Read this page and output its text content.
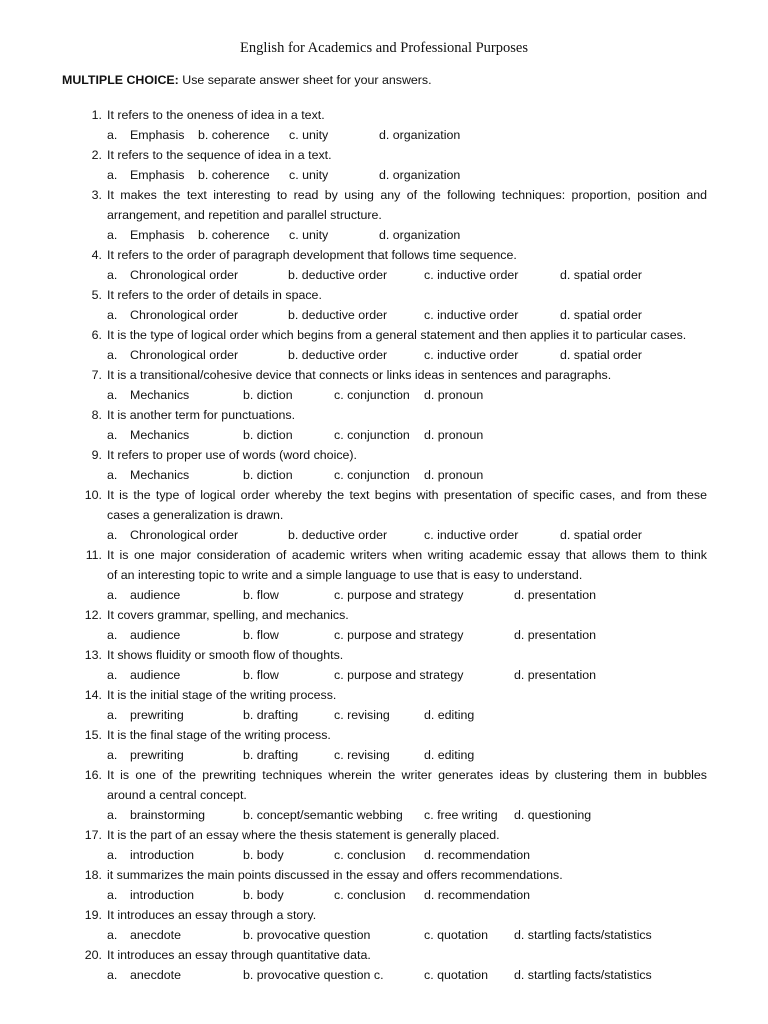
English for Academics and Professional Purposes
MULTIPLE CHOICE: Use separate answer sheet for your answers.
1. It refers to the oneness of idea in a text.
a. Emphasis b. coherence c. unity	d. organization
2. It refers to the sequence of idea in a text.
a. Emphasis b. coherence c. unity	d. organization
3. It makes the text interesting to read by using any of the following techniques: proportion, position and
arrangement, and repetition and parallel structure.
a. Emphasis b. coherence c. unity	d. organization
4. It refers to the order of paragraph development that follows time sequence.
a. Chronological order	b. deductive order	c. inductive order	d. spatial order
5. It refers to the order of details in space.
a. Chronological order	b. deductive order	c. inductive order	d. spatial order
6. It is the type of logical order which begins from a general statement and then applies it to particular cases.
a. Chronological order	b. deductive order	c. inductive order	d. spatial order
7. It is a transitional/cohesive device that connects or links ideas in sentences and paragraphs.
a. Mechanics	b. diction	c. conjunction d. pronoun
8. It is another term for punctuations.
a. Mechanics	b. diction	c. conjunction d. pronoun
9. It refers to proper use of words (word choice).
a. Mechanics	b. diction	c. conjunction d. pronoun
10. It is the type of logical order whereby the text begins with presentation of specific cases, and from these
cases a generalization is drawn.
a. Chronological order	b. deductive order	c. inductive order	d. spatial order
11. It is one major consideration of academic writers when writing academic essay that allows them to think
of an interesting topic to write and a simple language to use that is easy to understand.
a. audience	b. flow	c. purpose and strategy	d. presentation
12. It covers grammar, spelling, and mechanics.
a. audience	b. flow	c. purpose and strategy	d. presentation
13. It shows fluidity or smooth flow of thoughts.
a. audience	b. flow	c. purpose and strategy	d. presentation
14. It is the initial stage of the writing process.
a. prewriting	b. drafting	c. revising	d. editing
15. It is the final stage of the writing process.
a. prewriting	b. drafting	c. revising	d. editing
16. It is one of the prewriting techniques wherein the writer generates ideas by clustering them in bubbles
around a central concept.
a. brainstorming	b. concept/semantic webbing c. free writing d. questioning
17. It is the part of an essay where the thesis statement is generally placed.
a. introduction	b. body	c. conclusion d. recommendation
18. it summarizes the main points discussed in the essay and offers recommendations.
a. introduction	b. body	c. conclusion d. recommendation
19. It introduces an essay through a story.
a. anecdote	b. provocative question	c. quotation d. startling facts/statistics
20. It introduces an essay through quantitative data.
a. anecdote	b. provocative question c.	c. quotation d. startling facts/statistics
